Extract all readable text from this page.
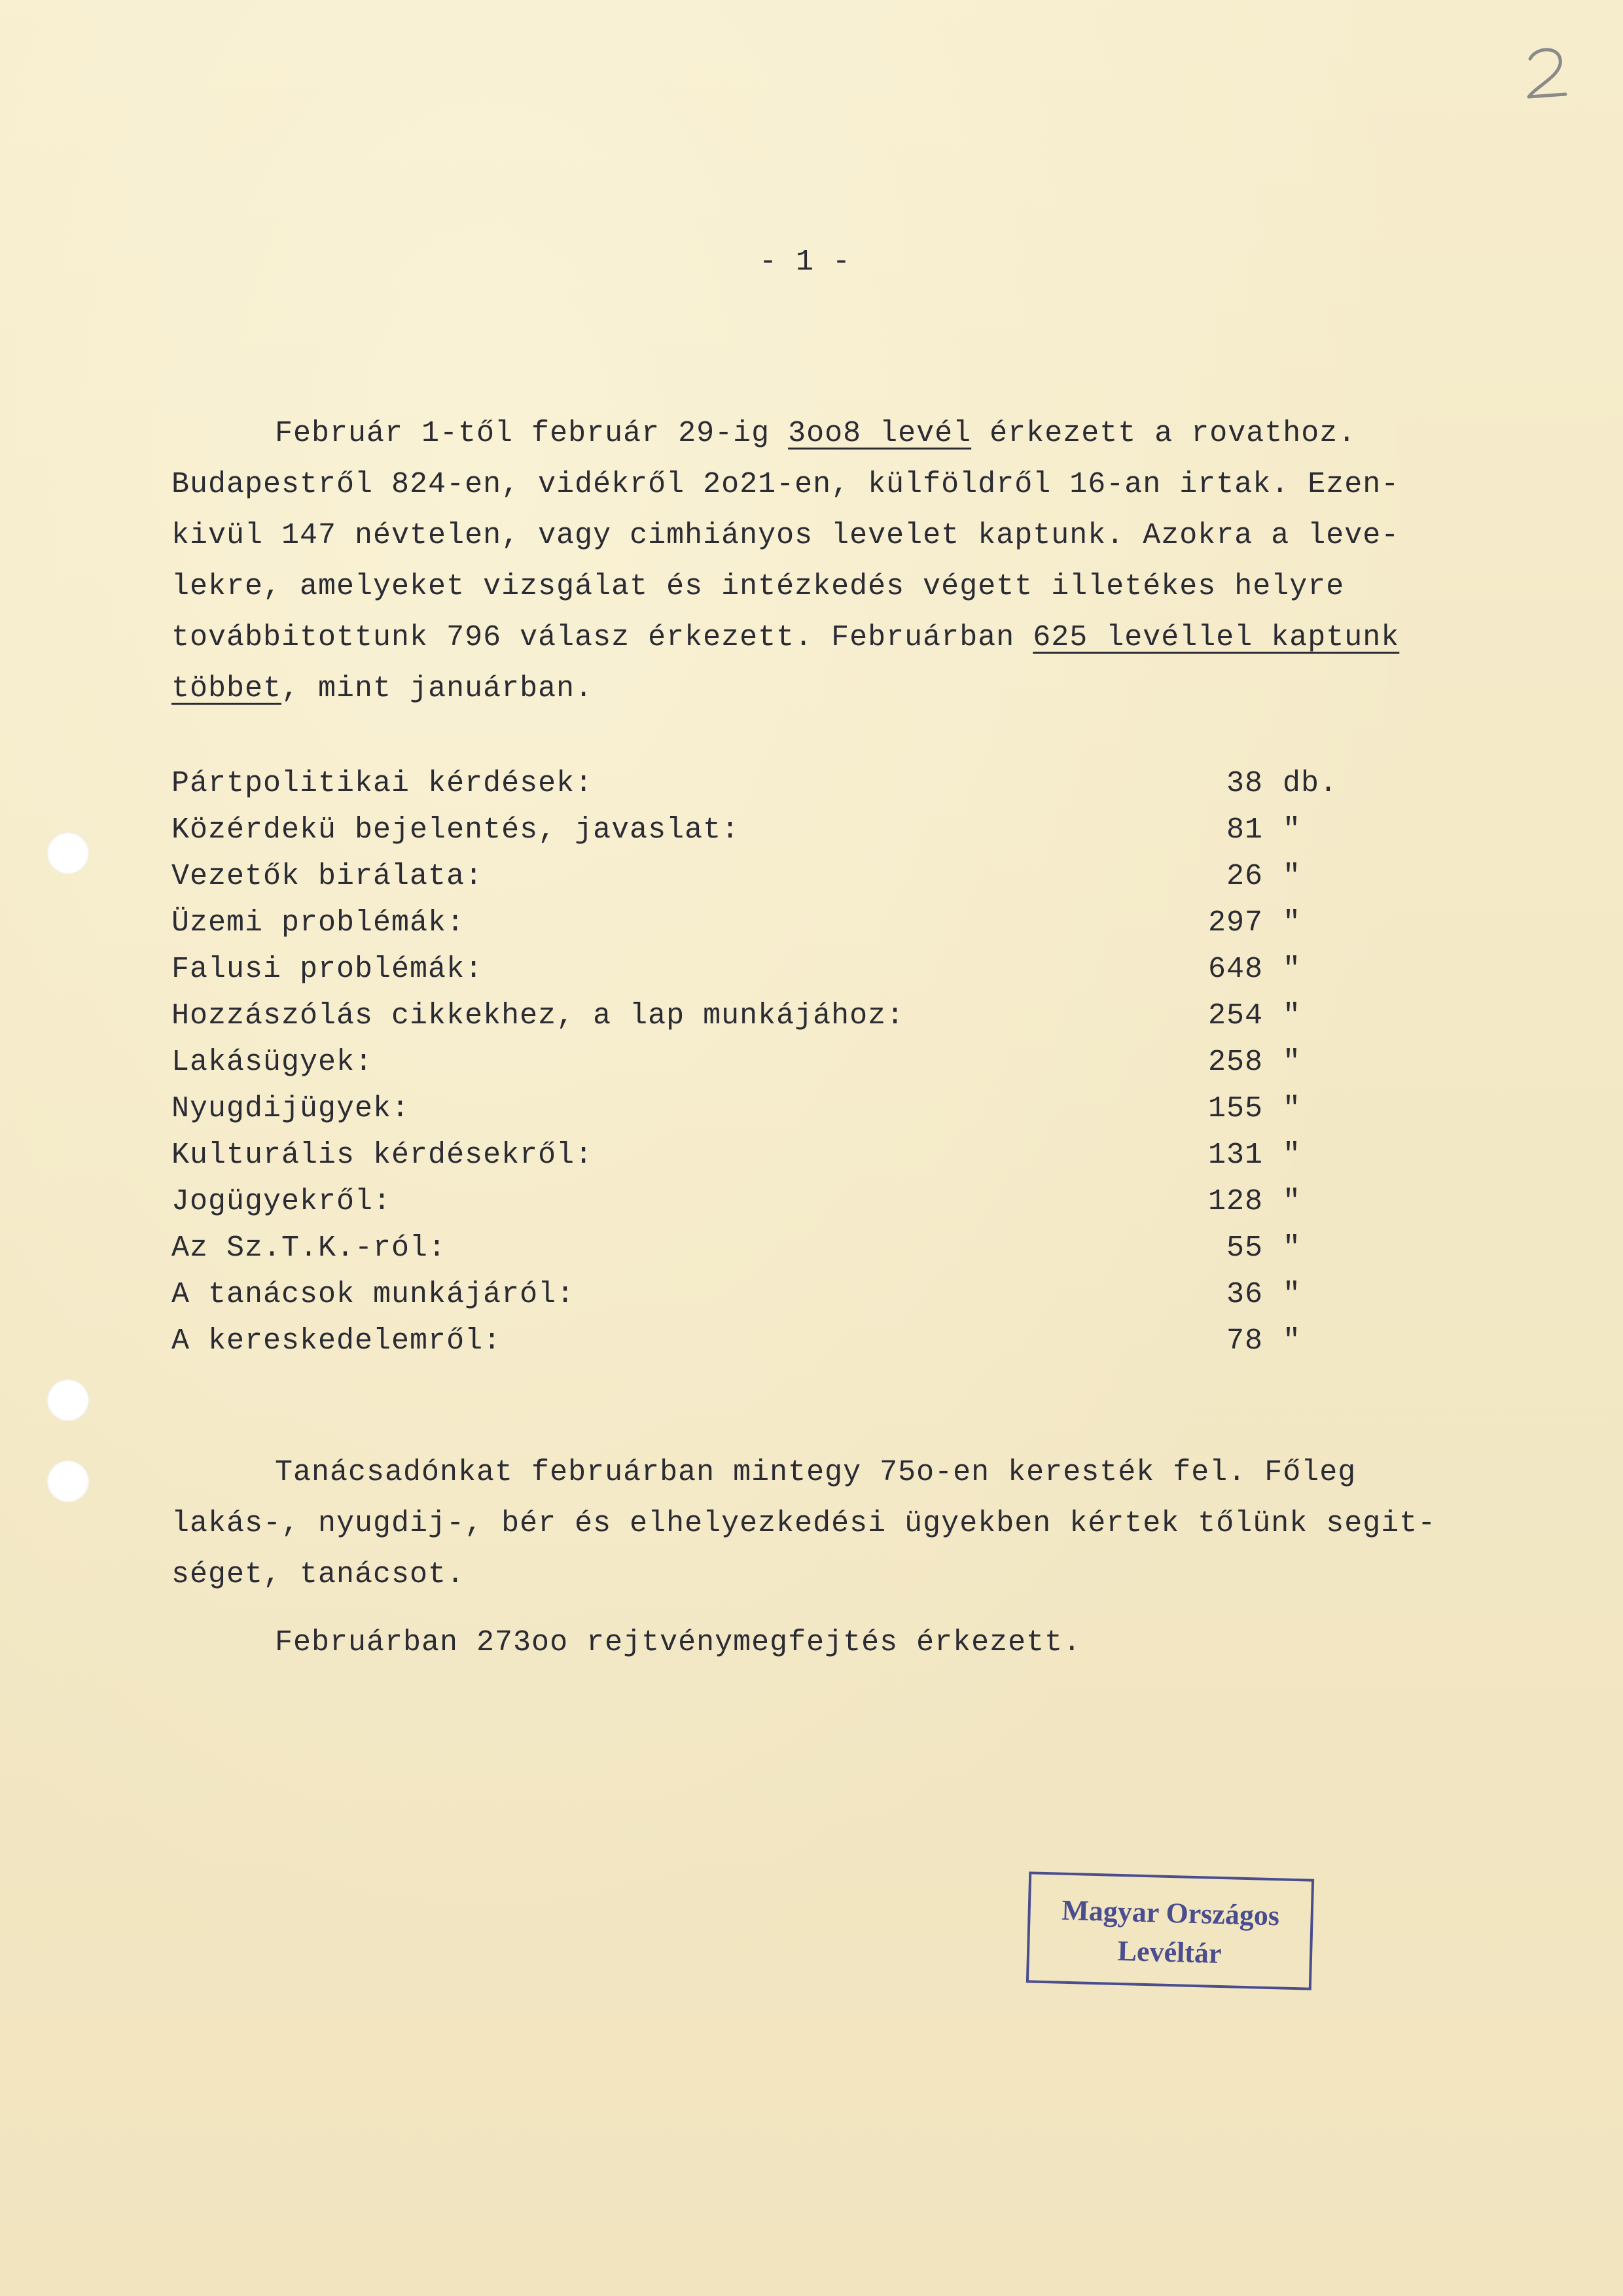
- 1 -
Február 1-től február 29-ig 3oo8 levél érkezett a rovathoz.
Budapestről 824-en, vidékről 2o21-en, külföldről 16-an irtak. Ezen-
kivül 147 névtelen, vagy cimhiányos levelet kaptunk. Azokra a leve-
lekre, amelyeket vizsgálat és intézkedés végett illetékes helyre
továbbitottunk 796 válasz érkezett. Februárban 625 levéllel kaptunk
többet, mint januárban.
Pártpolitikai kérdések:	38 db.
Közérdekü bejelentés, javaslat:	81 "
Vezetők birálata:	26 "
Üzemi problémák:	297 "
Falusi problémák:	648 "
Hozzászólás cikkekhez, a lap munkájához:	254 "
Lakásügyek:	258 "
Nyugdijügyek:	155 "
Kulturális kérdésekről:	131 "
Jogügyekről:	128 "
Az Sz.T.K.-ról:	55 "
A tanácsok munkájáról:	36 "
A kereskedelemről:	78 "
Tanácsadónkat februárban mintegy 75o-en keresték fel. Főleg
lakás-, nyugdij-, bér és elhelyezkedési ügyekben kértek tőlünk segit-
séget, tanácsot.
Februárban 273oo rejtvénymegfejtés érkezett.
Magyar Országos
Levéltár
